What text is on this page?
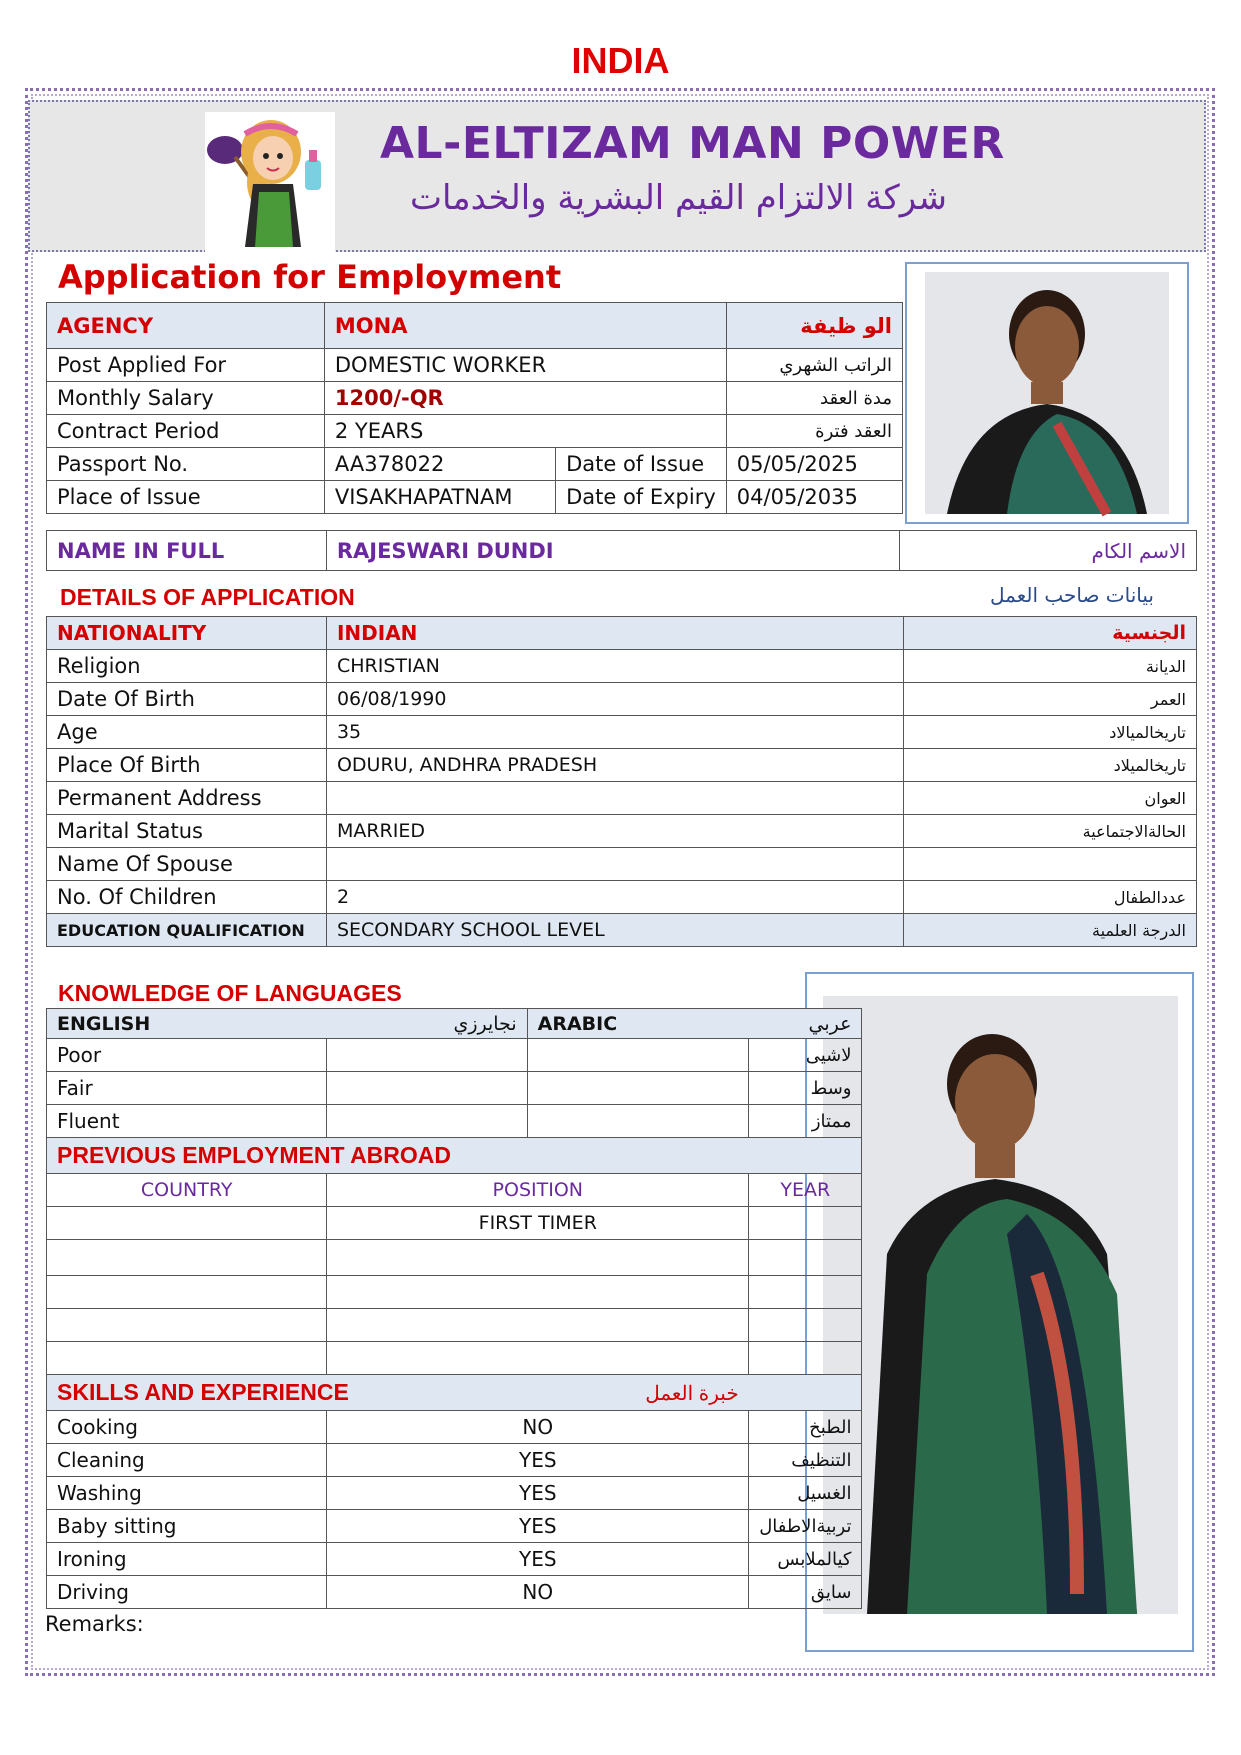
INDIA
AL-ELTIZAM MAN POWER
شركة الالتزام القيم البشرية والخدمات
Application for Employment
AGENCY	MONA		الو ظيفة
Post Applied For	DOMESTIC WORKER		الراتب الشهري
Monthly Salary	1200/-QR		مدة العقد
Contract Period	2 YEARS		العقد فترة
Passport No.	AA378022	Date of Issue	05/05/2025
Place of Issue	VISAKHAPATNAM	Date of Expiry	04/05/2035
NAME IN FULL	RAJESWARI DUNDI	الاسم الكام
DETAILS OF APPLICATION	بيانات صاحب العمل
NATIONALITY	INDIAN	الجنسية
Religion	CHRISTIAN	الديانة
Date Of Birth	06/08/1990	العمر
Age	35	تاريخالميالاد
Place Of Birth	ODURU, ANDHRA PRADESH	تاريخالميلاد
Permanent Address		العوان
Marital Status	MARRIED	الحالةالاجتماعية
Name Of Spouse		
No. Of Children	2	عددالطفال
EDUCATION QUALIFICATION	SECONDARY SCHOOL LEVEL	الدرجة العلمية
KNOWLEDGE OF LANGUAGES
ENGLISH	نجايرزي	ARABIC	عربي
Poor			لاشيى
Fair			وسط
Fluent			ممتاز
PREVIOUS EMPLOYMENT ABROAD			
COUNTRY	POSITION		YEAR
	FIRST TIMER		

SKILLS AND EXPERIENCE خبرة العمل			
Cooking	NO		الطبخ
Cleaning	YES		التنظيف
Washing	YES		الغسيل
Baby sitting	YES		تربيةالاطفال
Ironing	YES		كيالملابس
Driving	NO		سايق
Remarks:
